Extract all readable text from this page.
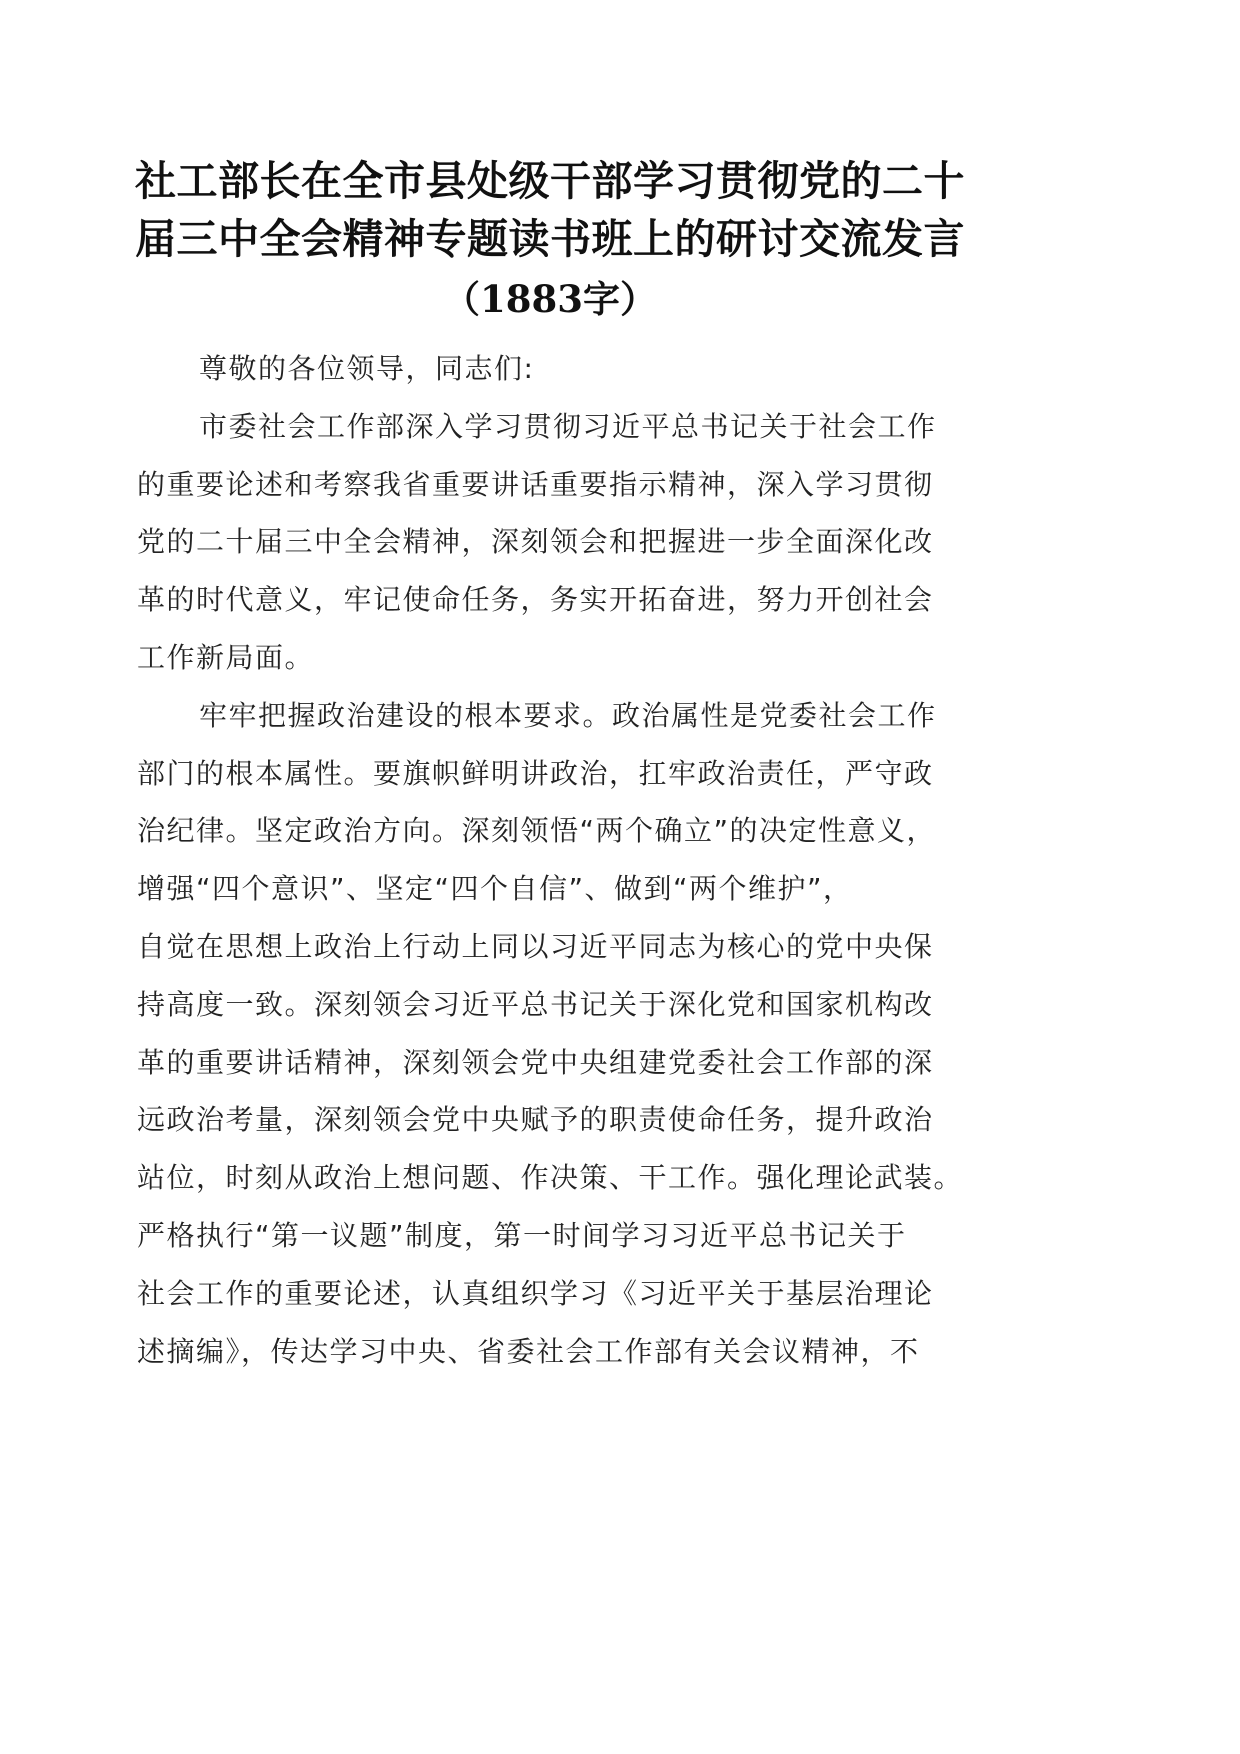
社工部长在全市县处级干部学习贯彻党的二十
届三中全会精神专题读书班上的研讨交流发言
（1883字）
尊敬的各位领导，同志们:
市委社会工作部深入学习贯彻习近平总书记关于社会工作
的重要论述和考察我省重要讲话重要指示精神，深入学习贯彻
党的二十届三中全会精神，深刻领会和把握进一步全面深化改
革的时代意义，牢记使命任务，务实开拓奋进，努力开创社会
工作新局面。
牢牢把握政治建设的根本要求。政治属性是党委社会工作
部门的根本属性。要旗帜鲜明讲政治，扛牢政治责任，严守政
治纪律。坚定政治方向。深刻领悟“两个确立”的决定性意义，
增强“四个意识”、坚定“四个自信”、做到“两个维护”，
自觉在思想上政治上行动上同以习近平同志为核心的党中央保
持高度一致。深刻领会习近平总书记关于深化党和国家机构改
革的重要讲话精神，深刻领会党中央组建党委社会工作部的深
远政治考量，深刻领会党中央赋予的职责使命任务，提升政治
站位，时刻从政治上想问题、作决策、干工作。强化理论武装。
严格执行“第一议题”制度，第一时间学习习近平总书记关于
社会工作的重要论述，认真组织学习《习近平关于基层治理论
述摘编》，传达学习中央、省委社会工作部有关会议精神，不
